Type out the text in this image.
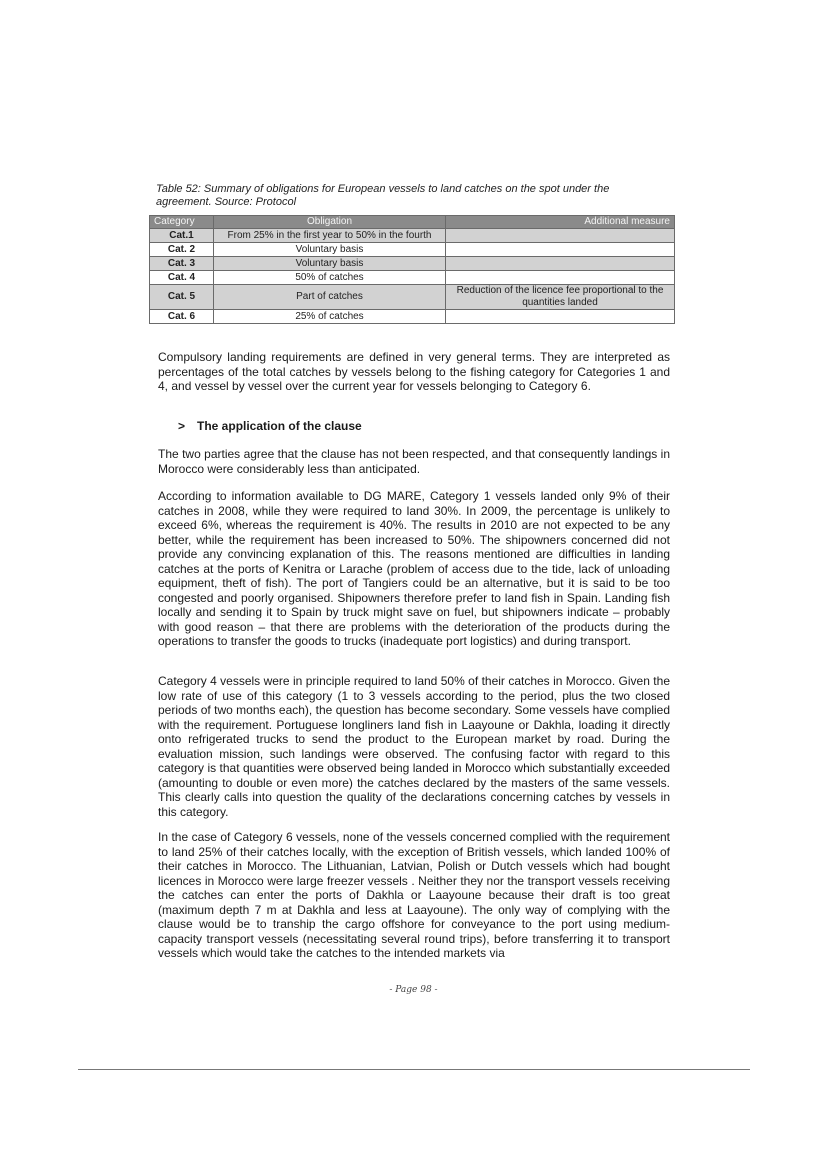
Table 52: Summary of obligations for European vessels to land catches on the spot under the agreement. Source: Protocol
Category	Obligation	Additional measure
Cat.1	From 25% in the first year to 50% in the fourth	
Cat. 2	Voluntary basis	
Cat. 3	Voluntary basis	
Cat. 4	50% of catches	
Cat. 5	Part of catches	Reduction of the licence fee proportional to the quantities landed
Cat. 6	25% of catches	

Compulsory landing requirements are defined in very general terms. They are interpreted as percentages of the total catches by vessels belong to the fishing category for Categories 1 and 4, and vessel by vessel over the current year for vessels belonging to Category 6.

> The application of the clause

The two parties agree that the clause has not been respected, and that consequently landings in Morocco were considerably less than anticipated.

According to information available to DG MARE, Category 1 vessels landed only 9% of their catches in 2008, while they were required to land 30%. In 2009, the percentage is unlikely to exceed 6%, whereas the requirement is 40%. The results in 2010 are not expected to be any better, while the requirement has been increased to 50%. The shipowners concerned did not provide any convincing explanation of this. The reasons mentioned are difficulties in landing catches at the ports of Kenitra or Larache (problem of access due to the tide, lack of unloading equipment, theft of fish). The port of Tangiers could be an alternative, but it is said to be too congested and poorly organised. Shipowners therefore prefer to land fish in Spain. Landing fish locally and sending it to Spain by truck might save on fuel, but shipowners indicate – probably with good reason – that there are problems with the deterioration of the products during the operations to transfer the goods to trucks (inadequate port logistics) and during transport.

Category 4 vessels were in principle required to land 50% of their catches in Morocco. Given the low rate of use of this category (1 to 3 vessels according to the period, plus the two closed periods of two months each), the question has become secondary. Some vessels have complied with the requirement. Portuguese longliners land fish in Laayoune or Dakhla, loading it directly onto refrigerated trucks to send the product to the European market by road. During the evaluation mission, such landings were observed. The confusing factor with regard to this category is that quantities were observed being landed in Morocco which substantially exceeded (amounting to double or even more) the catches declared by the masters of the same vessels. This clearly calls into question the quality of the declarations concerning catches by vessels in this category.

In the case of Category 6 vessels, none of the vessels concerned complied with the requirement to land 25% of their catches locally, with the exception of British vessels, which landed 100% of their catches in Morocco. The Lithuanian, Latvian, Polish or Dutch vessels which had bought licences in Morocco were large freezer vessels . Neither they nor the transport vessels receiving the catches can enter the ports of Dakhla or Laayoune because their draft is too great (maximum depth 7 m at Dakhla and less at Laayoune). The only way of complying with the clause would be to tranship the cargo offshore for conveyance to the port using medium-capacity transport vessels (necessitating several round trips), before transferring it to transport vessels which would take the catches to the intended markets via

- Page 98 -
